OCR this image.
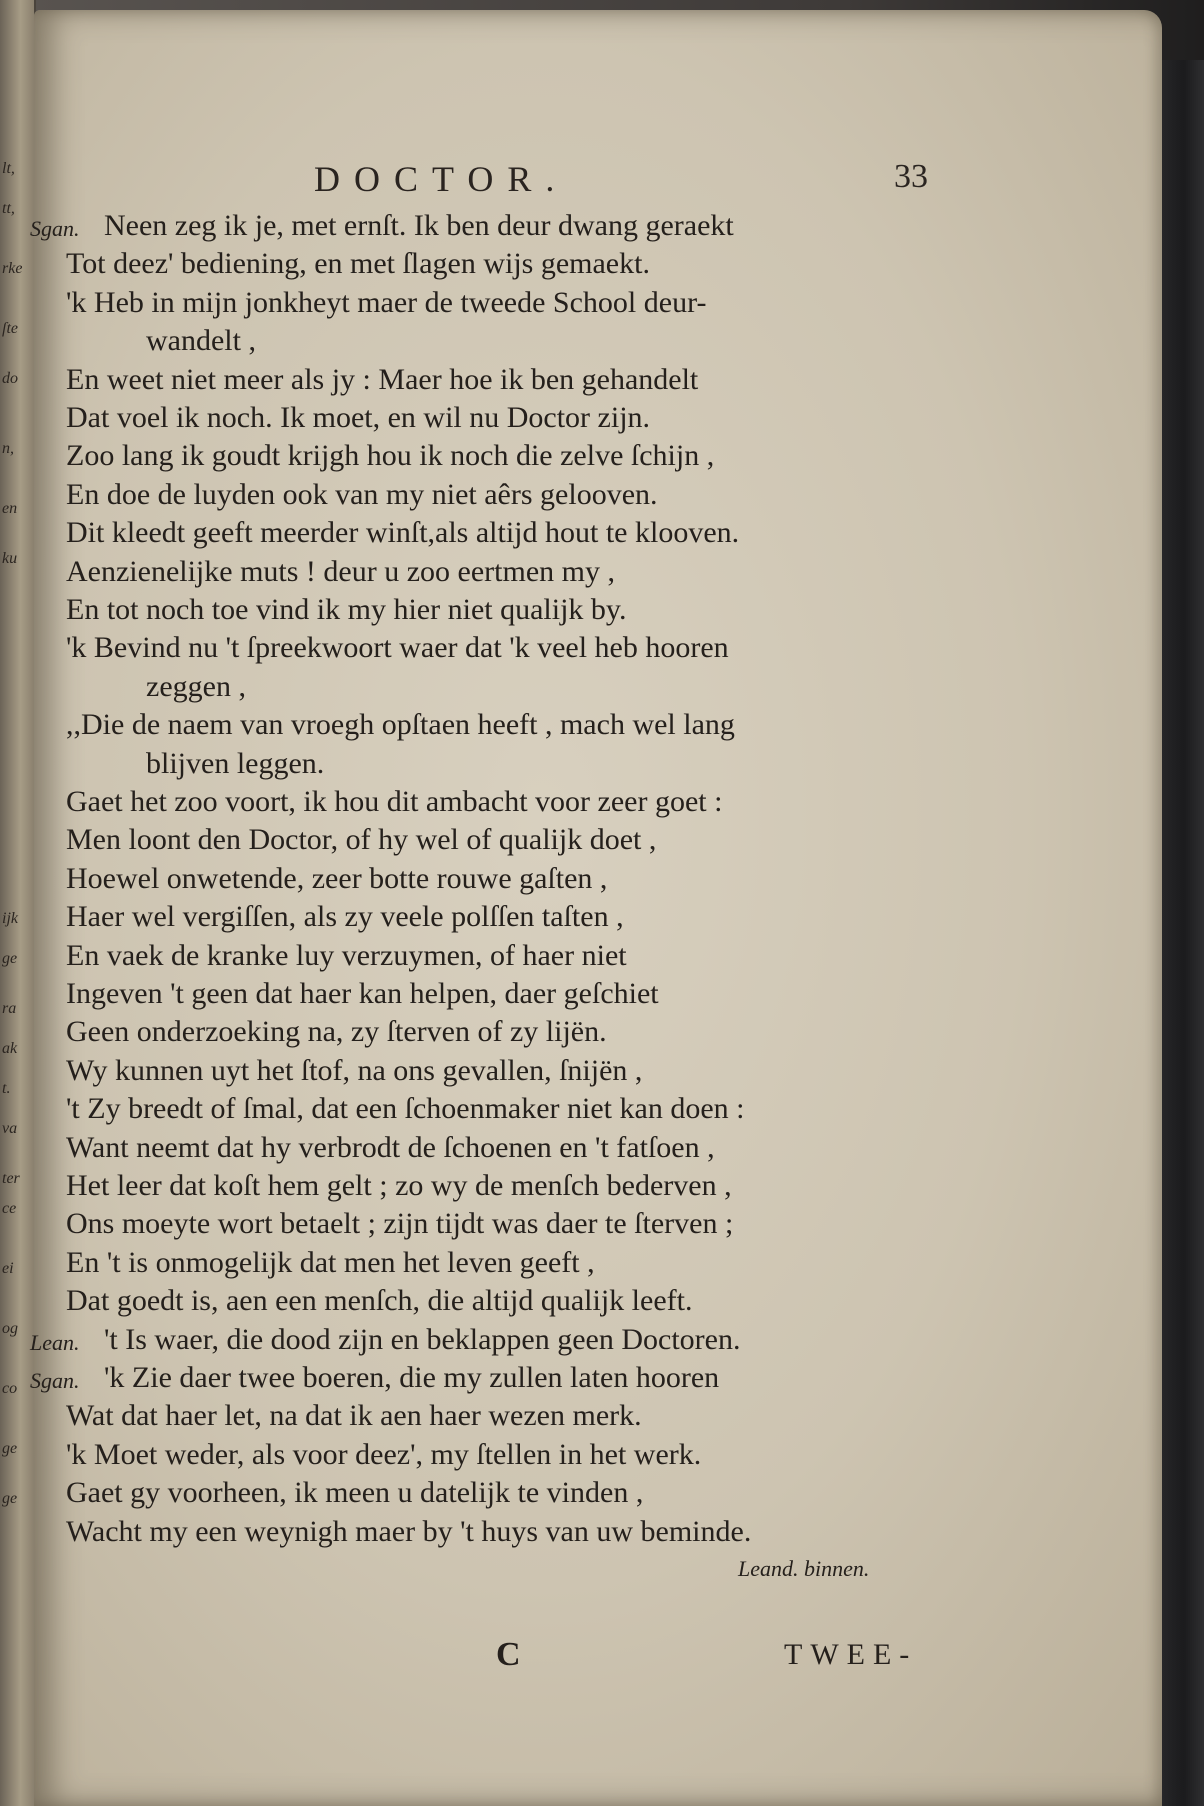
lt,
tt,
rke
ſte
do
n,
en
ku
ijk
ge
ra
ak
t.
va
ter
ce
ei
og
co
ge
ge
DOCTOR.	33
Sgan. Neen zeg ik je, met ernſt. Ik ben deur dwang geraekt
Tot deez' bediening, en met ſlagen wijs gemaekt.
'k Heb in mijn jonkheyt maer de tweede School deur-
wandelt ,
En weet niet meer als jy : Maer hoe ik ben gehandelt
Dat voel ik noch. Ik moet, en wil nu Doctor zijn.
Zoo lang ik goudt krijgh hou ik noch die zelve ſchijn ,
En doe de luyden ook van my niet aêrs gelooven.
Dit kleedt geeft meerder winſt,als altijd hout te klooven.
Aenzienelijke muts ! deur u zoo eertmen my ,
En tot noch toe vind ik my hier niet qualijk by.
'k Bevind nu 't ſpreekwoort waer dat 'k veel heb hooren
zeggen ,
,,Die de naem van vroegh opſtaen heeft , mach wel lang
blijven leggen.
Gaet het zoo voort, ik hou dit ambacht voor zeer goet :
Men loont den Doctor, of hy wel of qualijk doet ,
Hoewel onwetende, zeer botte rouwe gaſten ,
Haer wel vergiſſen, als zy veele polſſen taſten ,
En vaek de kranke luy verzuymen, of haer niet
Ingeven 't geen dat haer kan helpen, daer geſchiet
Geen onderzoeking na, zy ſterven of zy lijën.
Wy kunnen uyt het ſtof, na ons gevallen, ſnijën ,
't Zy breedt of ſmal, dat een ſchoenmaker niet kan doen :
Want neemt dat hy verbrodt de ſchoenen en 't fatſoen ,
Het leer dat koſt hem gelt ; zo wy de menſch bederven ,
Ons moeyte wort betaelt ; zijn tijdt was daer te ſterven ;
En 't is onmogelijk dat men het leven geeft ,
Dat goedt is, aen een menſch, die altijd qualijk leeft.
Lean. 't Is waer, die dood zijn en beklappen geen Doctoren.
Sgan. 'k Zie daer twee boeren, die my zullen laten hooren
Wat dat haer let, na dat ik aen haer wezen merk.
'k Moet weder, als voor deez', my ſtellen in het werk.
Gaet gy voorheen, ik meen u datelijk te vinden ,
Wacht my een weynigh maer by 't huys van uw beminde.
Leand. binnen.
C	TWEE-
